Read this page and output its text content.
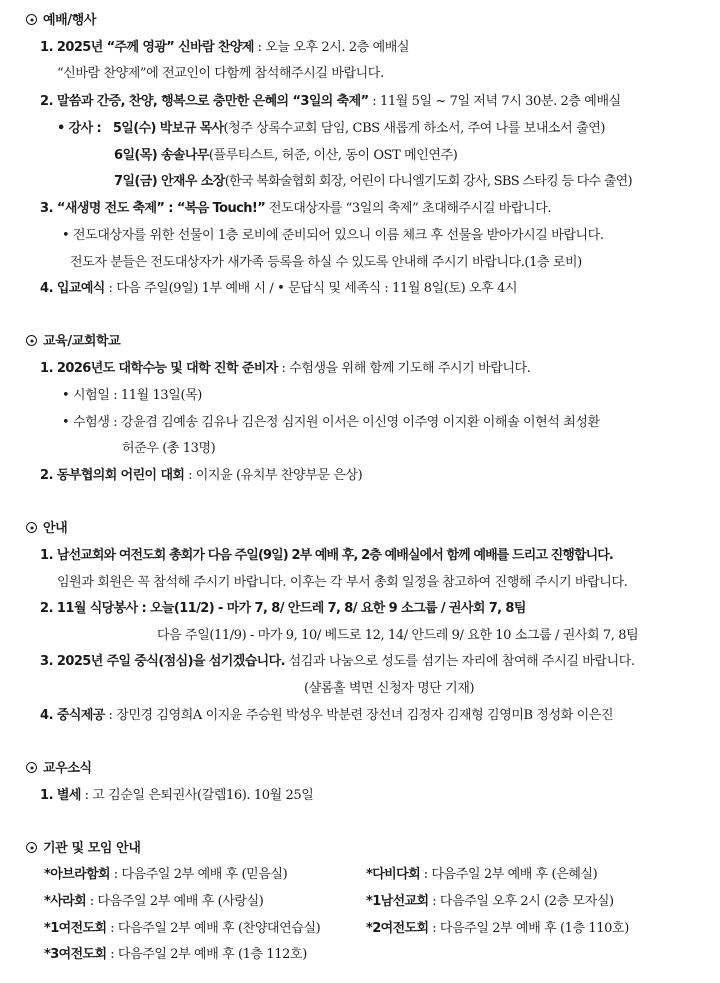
예배/행사
1. 2025년 “주께 영광” 신바람 찬양제 : 오늘 오후 2시. 2층 예배실
“신바람 찬양제”에 전교인이 다함께 참석해주시길 바랍니다.
2. 말씀과 간증, 찬양, 행복으로 충만한 은혜의 “3일의 축제” : 11월 5일 ~ 7일 저녁 7시 30분. 2층 예배실
• 강사 : 5일(수) 박보규 목사(청주 상록수교회 담임, CBS 새롭게 하소서, 주여 나를 보내소서 출연)
6일(목) 송솔나무(플루티스트, 허준, 이산, 동이 OST 메인연주)
7일(금) 안재우 소장(한국 복화술협회 회장, 어린이 다니엘기도회 강사, SBS 스타킹 등 다수 출연)
3. “새생명 전도 축제” : “복음 Touch!” 전도대상자를 “3일의 축제” 초대해주시길 바랍니다.
• 전도대상자를 위한 선물이 1층 로비에 준비되어 있으니 이름 체크 후 선물을 받아가시길 바랍니다.
전도자 분들은 전도대상자가 새가족 등록을 하실 수 있도록 안내해 주시기 바랍니다.(1층 로비)
4. 입교예식 : 다음 주일(9일) 1부 예배 시 / • 문답식 및 세족식 : 11월 8일(토) 오후 4시
교육/교회학교
1. 2026년도 대학수능 및 대학 진학 준비자 : 수험생을 위해 함께 기도해 주시기 바랍니다.
• 시험일 : 11월 13일(목)
• 수험생 : 강윤겸 김예송 김유나 김은정 심지원 이서은 이신영 이주영 이지환 이해솔 이현석 최성환
허준우 (총 13명)
2. 동부협의회 어린이 대회 : 이지윤 (유치부 찬양부문 은상)
안내
1. 남선교회와 여전도회 총회가 다음 주일(9일) 2부 예배 후, 2층 예배실에서 함께 예배를 드리고 진행합니다.
임원과 회원은 꼭 참석해 주시기 바랍니다. 이후는 각 부서 총회 일정을 참고하여 진행해 주시기 바랍니다.
2. 11월 식당봉사 : 오늘(11/2) - 마가 7, 8/ 안드레 7, 8/ 요한 9 소그룹 / 권사회 7, 8팀
다음 주일(11/9) - 마가 9, 10/ 베드로 12, 14/ 안드레 9/ 요한 10 소그룹 / 권사회 7, 8팀
3. 2025년 주일 중식(점심)을 섬기겠습니다. 섬김과 나눔으로 성도를 섬기는 자리에 참여해 주시길 바랍니다.
(샬롬홀 벽면 신청자 명단 기재)
4. 중식제공 : 장민경 김영희A 이지윤 주승원 박성우 박분련 장선녀 김정자 김재형 김영미B 정성화 이은진
교우소식
1. 별세 : 고 김순일 은퇴권사(갈렙16). 10월 25일
기관 및 모임 안내
*아브라함회 : 다음주일 2부 예배 후 (믿음실)	*다비다회 : 다음주일 2부 예배 후 (은혜실)
*사라회 : 다음주일 2부 예배 후 (사랑실)	*1남선교회 : 다음주일 오후 2시 (2층 모자실)
*1여전도회 : 다음주일 2부 예배 후 (찬양대연습실)	*2여전도회 : 다음주일 2부 예배 후 (1층 110호)
*3여전도회 : 다음주일 2부 예배 후 (1층 112호)
